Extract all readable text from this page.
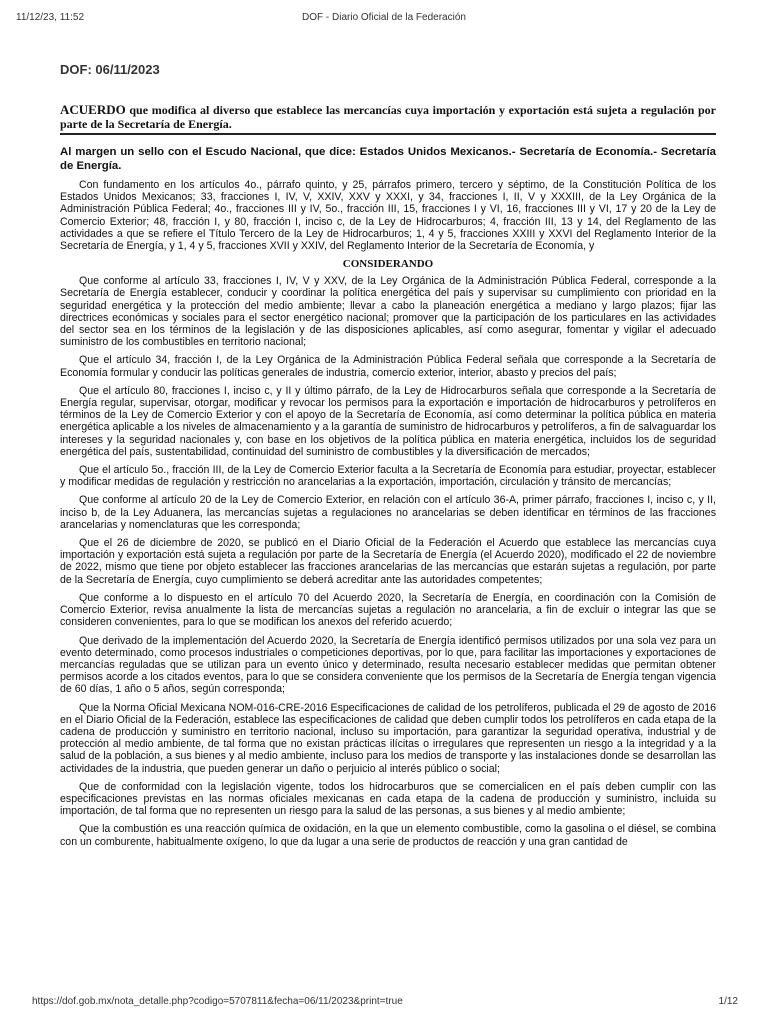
11/12/23, 11:52	DOF - Diario Oficial de la Federación
DOF: 06/11/2023
ACUERDO que modifica al diverso que establece las mercancías cuya importación y exportación está sujeta a regulación por parte de la Secretaría de Energía.
Al margen un sello con el Escudo Nacional, que dice: Estados Unidos Mexicanos.- Secretaría de Economía.- Secretaría de Energía.

Con fundamento en los artículos 4o., párrafo quinto, y 25, párrafos primero, tercero y séptimo, de la Constitución Política de los Estados Unidos Mexicanos; 33, fracciones I, IV, V, XXIV, XXV y XXXI, y 34, fracciones I, II, V y XXXIII, de la Ley Orgánica de la Administración Pública Federal; 4o., fracciones III y IV, 5o., fracción III, 15, fracciones I y VI, 16, fracciones III y VI, 17 y 20 de la Ley de Comercio Exterior; 48, fracción I, y 80, fracción I, inciso c, de la Ley de Hidrocarburos; 4, fracción III, 13 y 14, del Reglamento de las actividades a que se refiere el Título Tercero de la Ley de Hidrocarburos; 1, 4 y 5, fracciones XXIII y XXVI del Reglamento Interior de la Secretaría de Energía, y 1, 4 y 5, fracciones XVII y XXIV, del Reglamento Interior de la Secretaría de Economía, y

CONSIDERANDO

Que conforme al artículo 33, fracciones I, IV, V y XXV, de la Ley Orgánica de la Administración Pública Federal, corresponde a la Secretaría de Energía establecer, conducir y coordinar la política energética del país y supervisar su cumplimiento con prioridad en la seguridad energética y la protección del medio ambiente; llevar a cabo la planeación energética a mediano y largo plazos; fijar las directrices económicas y sociales para el sector energético nacional; promover que la participación de los particulares en las actividades del sector sea en los términos de la legislación y de las disposiciones aplicables, así como asegurar, fomentar y vigilar el adecuado suministro de los combustibles en territorio nacional;

Que el artículo 34, fracción I, de la Ley Orgánica de la Administración Pública Federal señala que corresponde a la Secretaría de Economía formular y conducir las políticas generales de industria, comercio exterior, interior, abasto y precios del país;

Que el artículo 80, fracciones I, inciso c, y II y último párrafo, de la Ley de Hidrocarburos señala que corresponde a la Secretaría de Energía regular, supervisar, otorgar, modificar y revocar los permisos para la exportación e importación de hidrocarburos y petrolíferos en términos de la Ley de Comercio Exterior y con el apoyo de la Secretaría de Economía, así como determinar la política pública en materia energética aplicable a los niveles de almacenamiento y a la garantía de suministro de hidrocarburos y petrolíferos, a fin de salvaguardar los intereses y la seguridad nacionales y, con base en los objetivos de la política pública en materia energética, incluidos los de seguridad energética del país, sustentabilidad, continuidad del suministro de combustibles y la diversificación de mercados;

Que el artículo 5o., fracción III, de la Ley de Comercio Exterior faculta a la Secretaría de Economía para estudiar, proyectar, establecer y modificar medidas de regulación y restricción no arancelarias a la exportación, importación, circulación y tránsito de mercancías;

Que conforme al artículo 20 de la Ley de Comercio Exterior, en relación con el artículo 36-A, primer párrafo, fracciones I, inciso c, y II, inciso b, de la Ley Aduanera, las mercancías sujetas a regulaciones no arancelarias se deben identificar en términos de las fracciones arancelarias y nomenclaturas que les corresponda;

Que el 26 de diciembre de 2020, se publicó en el Diario Oficial de la Federación el Acuerdo que establece las mercancías cuya importación y exportación está sujeta a regulación por parte de la Secretaría de Energía (el Acuerdo 2020), modificado el 22 de noviembre de 2022, mismo que tiene por objeto establecer las fracciones arancelarias de las mercancías que estarán sujetas a regulación, por parte de la Secretaría de Energía, cuyo cumplimiento se deberá acreditar ante las autoridades competentes;

Que conforme a lo dispuesto en el artículo 70 del Acuerdo 2020, la Secretaría de Energía, en coordinación con la Comisión de Comercio Exterior, revisa anualmente la lista de mercancías sujetas a regulación no arancelaria, a fin de excluir o integrar las que se consideren convenientes, para lo que se modifican los anexos del referido acuerdo;

Que derivado de la implementación del Acuerdo 2020, la Secretaría de Energía identificó permisos utilizados por una sola vez para un evento determinado, como procesos industriales o competiciones deportivas, por lo que, para facilitar las importaciones y exportaciones de mercancías reguladas que se utilizan para un evento único y determinado, resulta necesario establecer medidas que permitan obtener permisos acorde a los citados eventos, para lo que se considera conveniente que los permisos de la Secretaría de Energía tengan vigencia de 60 días, 1 año o 5 años, según corresponda;

Que la Norma Oficial Mexicana NOM-016-CRE-2016 Especificaciones de calidad de los petrolíferos, publicada el 29 de agosto de 2016 en el Diario Oficial de la Federación, establece las especificaciones de calidad que deben cumplir todos los petrolíferos en cada etapa de la cadena de producción y suministro en territorio nacional, incluso su importación, para garantizar la seguridad operativa, industrial y de protección al medio ambiente, de tal forma que no existan prácticas ilícitas o irregulares que representen un riesgo a la integridad y a la salud de la población, a sus bienes y al medio ambiente, incluso para los medios de transporte y las instalaciones donde se desarrollan las actividades de la industria, que pueden generar un daño o perjuicio al interés público o social;

Que de conformidad con la legislación vigente, todos los hidrocarburos que se comercialicen en el país deben cumplir con las especificaciones previstas en las normas oficiales mexicanas en cada etapa de la cadena de producción y suministro, incluida su importación, de tal forma que no representen un riesgo para la salud de las personas, a sus bienes y al medio ambiente;

Que la combustión es una reacción química de oxidación, en la que un elemento combustible, como la gasolina o el diésel, se combina con un comburente, habitualmente oxígeno, lo que da lugar a una serie de productos de reacción y una gran cantidad de

https://dof.gob.mx/nota_detalle.php?codigo=5707811&fecha=06/11/2023&print=true	1/12
